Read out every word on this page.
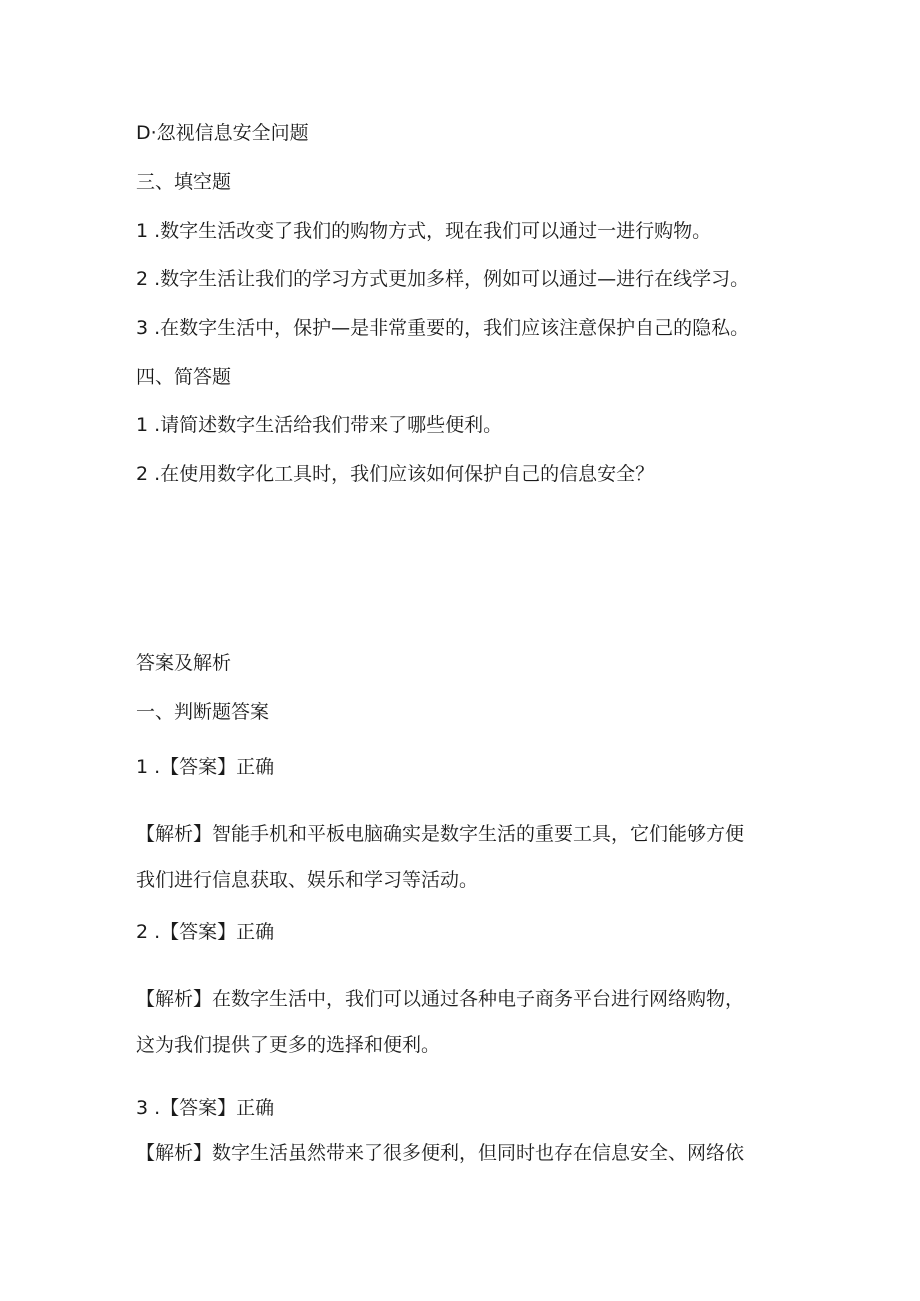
D·忽视信息安全问题

三、填空题

1 .数字生活改变了我们的购物方式，现在我们可以通过一进行购物。

2 .数字生活让我们的学习方式更加多样，例如可以通过—进行在线学习。

3 .在数字生活中，保护—是非常重要的，我们应该注意保护自己的隐私。

四、简答题

1 .请简述数字生活给我们带来了哪些便利。

2 .在使用数字化工具时，我们应该如何保护自己的信息安全？

答案及解析

一、判断题答案

1 .【答案】正确

【解析】智能手机和平板电脑确实是数字生活的重要工具，它们能够方便

我们进行信息获取、娱乐和学习等活动。

2 .【答案】正确

【解析】在数字生活中，我们可以通过各种电子商务平台进行网络购物，

这为我们提供了更多的选择和便利。

3 .【答案】正确

【解析】数字生活虽然带来了很多便利，但同时也存在信息安全、网络依
